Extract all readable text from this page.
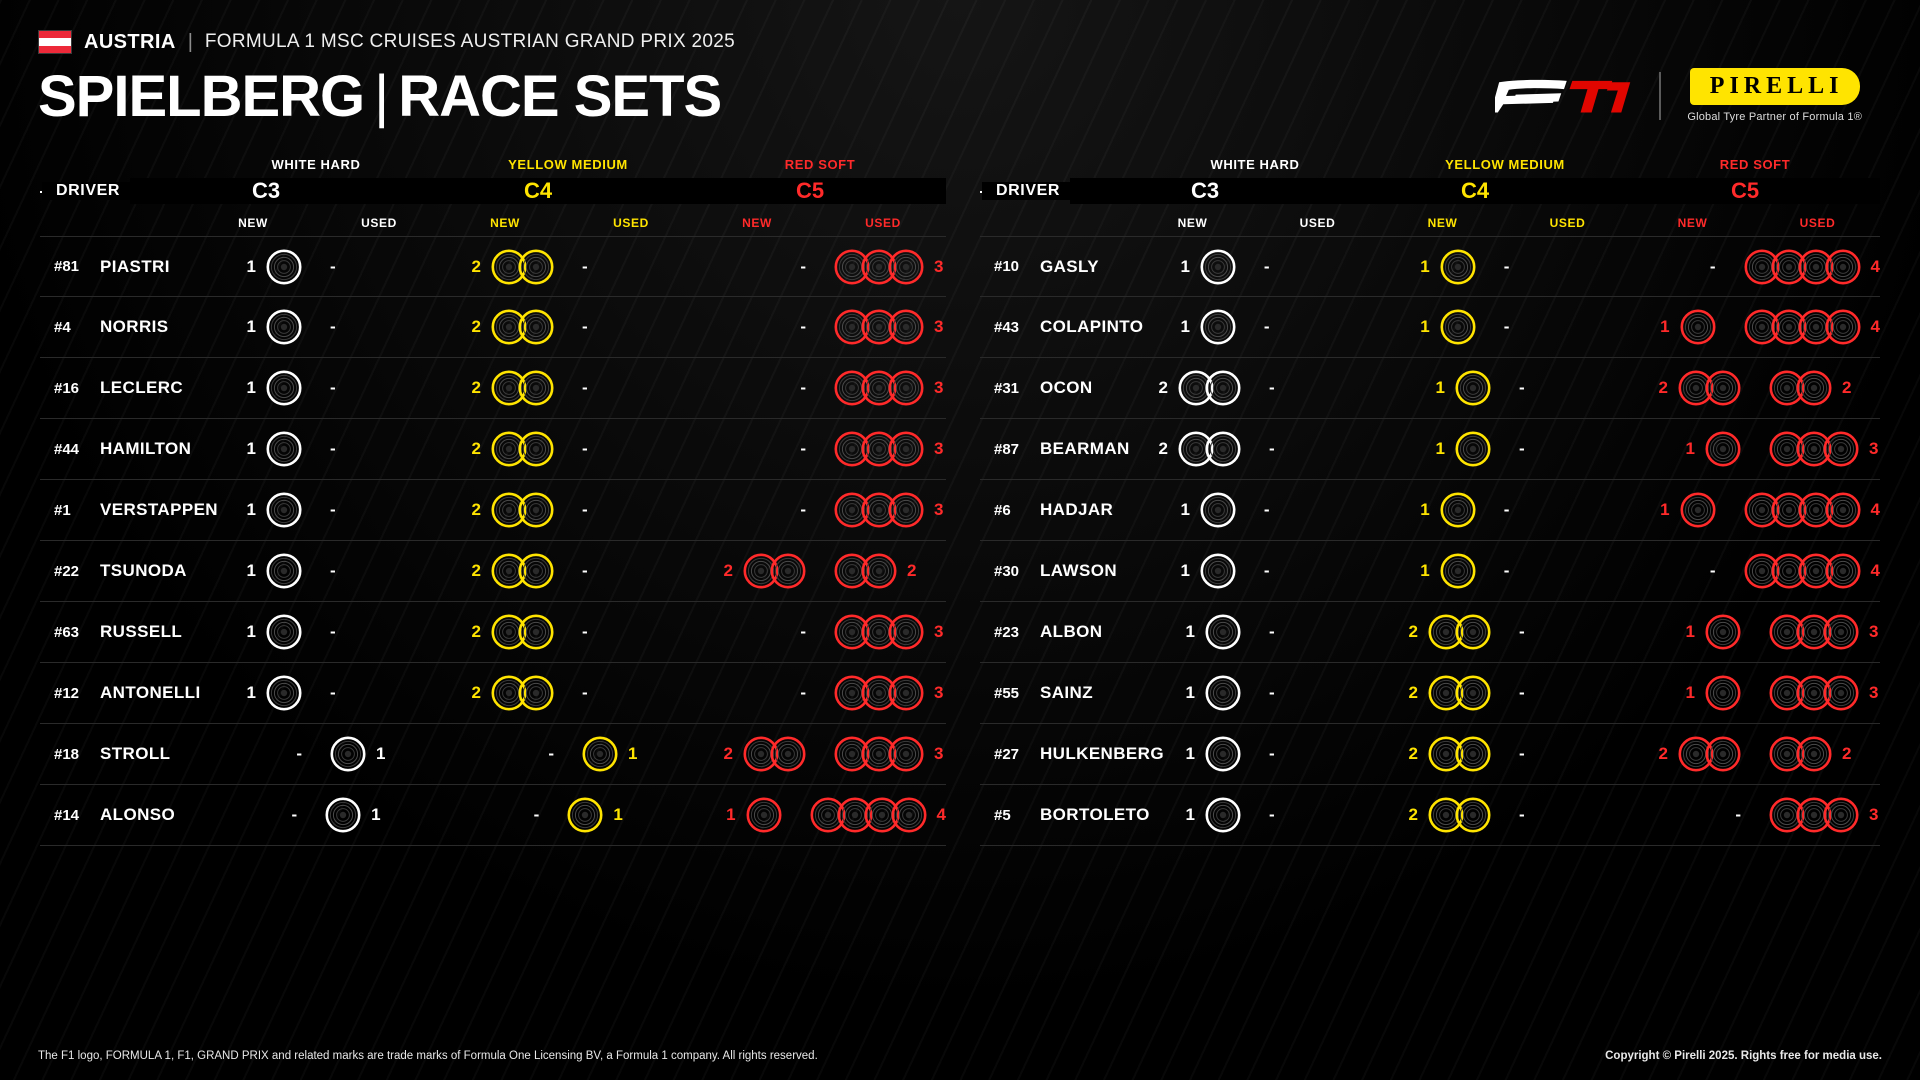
AUSTRIA | FORMULA 1 MSC CRUISES AUSTRIAN GRAND PRIX 2025
SPIELBERG | RACE SETS	PIRELLI
Global Tyre Partner of Formula 1®
WHITE HARD	YELLOW MEDIUM	RED SOFT
DRIVER	C3	C4	C5
NEW	USED	NEW	USED	NEW	USED
#81	PIASTRI	1	-	2	-	-	3
#4	NORRIS	1	-	2	-	-	3
#16	LECLERC	1	-	2	-	-	3
#44	HAMILTON	1	-	2	-	-	3
#1	VERSTAPPEN 1	-	2	-	-	3
#22	TSUNODA	1	-	2	-	2	2
#63	RUSSELL	1	-	2	-	-	3
#12	ANTONELLI	1	-	2	-	-	3
#18	STROLL	-	1	-	1	2	3
#14	ALONSO	-	1	-	1	1	4
WHITE HARD	YELLOW MEDIUM	RED SOFT
DRIVER	C3	C4	C5
NEW	USED	NEW	USED	NEW	USED
#10	GASLY	1	-	1	-	-	4
#43	COLAPINTO 1	-	1	-	1	4
#31	OCON	2	-	1	-	2	2
#87	BEARMAN 2	-	1	-	1	3
#6	HADJAR	1	-	1	-	1	4
#30	LAWSON	1	-	1	-	-	4
#23	ALBON	1	-	2	-	1	3
#55	SAINZ	1	-	2	-	1	3
#27	HULKENBERG 1	-	2	-	2	2
#5	BORTOLETO 1	-	2	-	-	3
The F1 logo, FORMULA 1, F1, GRAND PRIX and related marks are trade marks of Formula One Licensing BV, a Formula 1 company. All rights reserved.	Copyright © Pirelli 2025. Rights free for media use.
